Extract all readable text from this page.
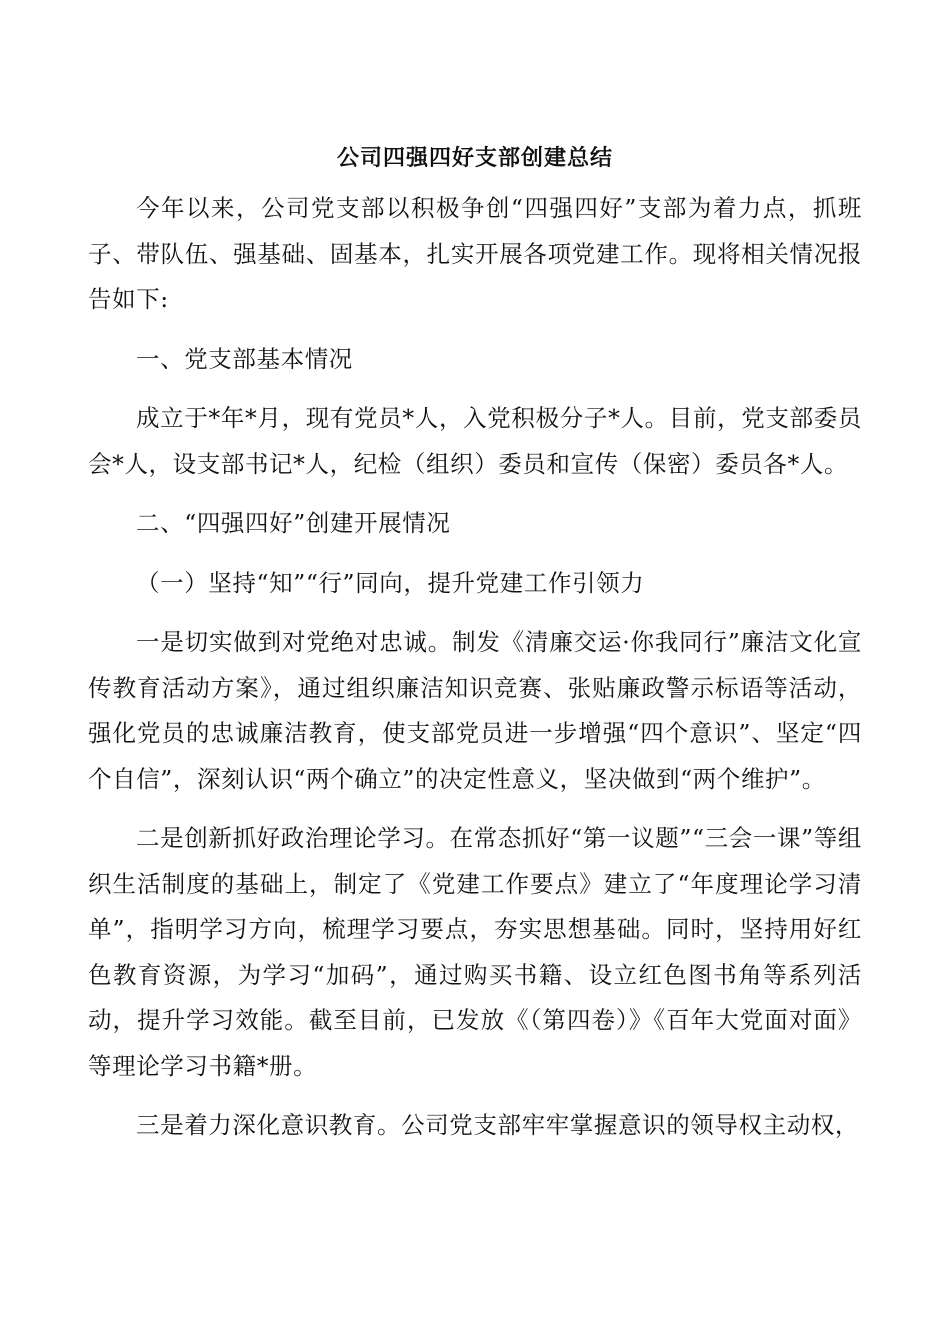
公司四强四好支部创建总结

今年以来，公司党支部以积极争创“四强四好”支部为着力点，抓班子、带队伍、强基础、固基本，扎实开展各项党建工作。现将相关情况报告如下:

一、党支部基本情况

成立于*年*月，现有党员*人，入党积极分子*人。目前，党支部委员会*人，设支部书记*人，纪检（组织）委员和宣传（保密）委员各*人。

二、“四强四好”创建开展情况

（一）坚持“知”“行”同向，提升党建工作引领力

一是切实做到对党绝对忠诚。制发《清廉交运·你我同行”廉洁文化宣传教育活动方案》，通过组织廉洁知识竞赛、张贴廉政警示标语等活动，强化党员的忠诚廉洁教育，使支部党员进一步增强“四个意识”、坚定“四个自信”，深刻认识“两个确立”的决定性意义，坚决做到“两个维护”。

二是创新抓好政治理论学习。在常态抓好“第一议题”“三会一课”等组织生活制度的基础上，制定了《党建工作要点》建立了“年度理论学习清单”，指明学习方向，梳理学习要点，夯实思想基础。同时，坚持用好红色教育资源，为学习“加码”，通过购买书籍、设立红色图书角等系列活动，提升学习效能。截至目前，已发放《（第四卷）》《百年大党面对面》等理论学习书籍*册。

三是着力深化意识教育。公司党支部牢牢掌握意识的领导权主动权，
